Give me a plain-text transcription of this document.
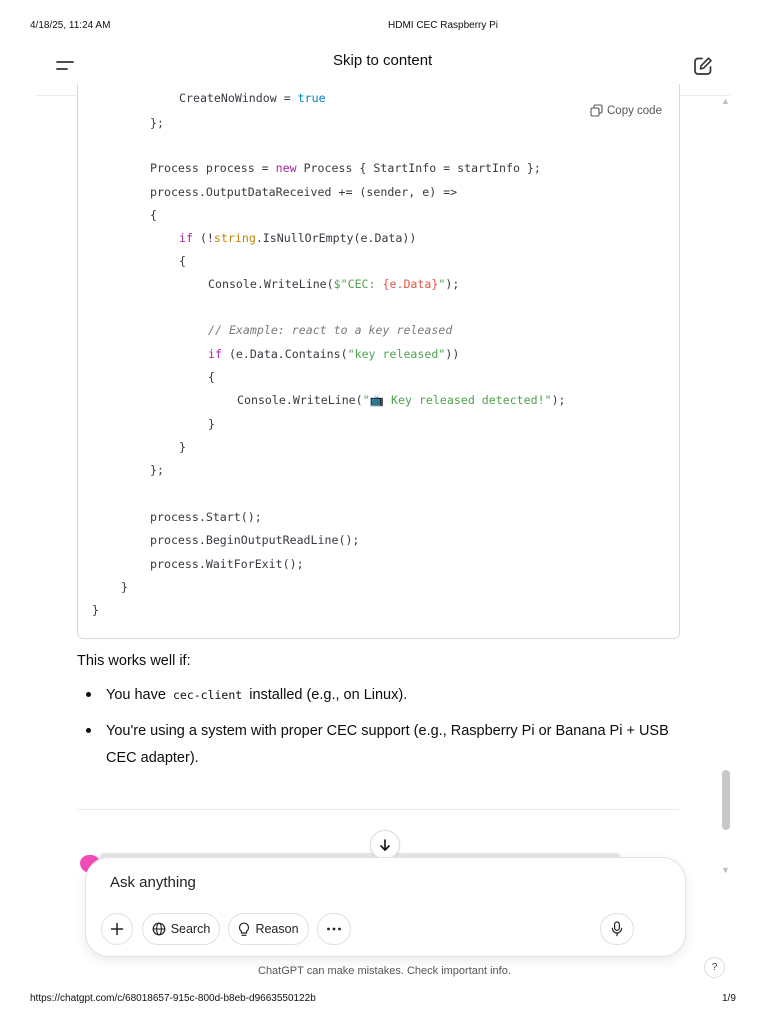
4/18/25, 11:24 AM	HDMI CEC Raspberry Pi
Skip to content
Copy code
CreateNoWindow = true
};
Process process = new Process { StartInfo = startInfo };
process.OutputDataReceived += (sender, e) =>
{
if (!string.IsNullOrEmpty(e.Data))
{
Console.WriteLine($"CEC: {e.Data}");
// Example: react to a key released
if (e.Data.Contains("key released"))
{
Console.WriteLine("📺 Key released detected!");
}
}
};
process.Start();
process.BeginOutputReadLine();
process.WaitForExit();
}
}
This works well if:
You have cec-client installed (e.g., on Linux).
You're using a system with proper CEC support (e.g., Raspberry Pi or Banana Pi + USB
CEC adapter).
▲
▼
Ask anything
Search	Reason
ChatGPT can make mistakes. Check important info.	?
https://chatgpt.com/c/68018657-915c-800d-b8eb-d9663550122b	1/9
